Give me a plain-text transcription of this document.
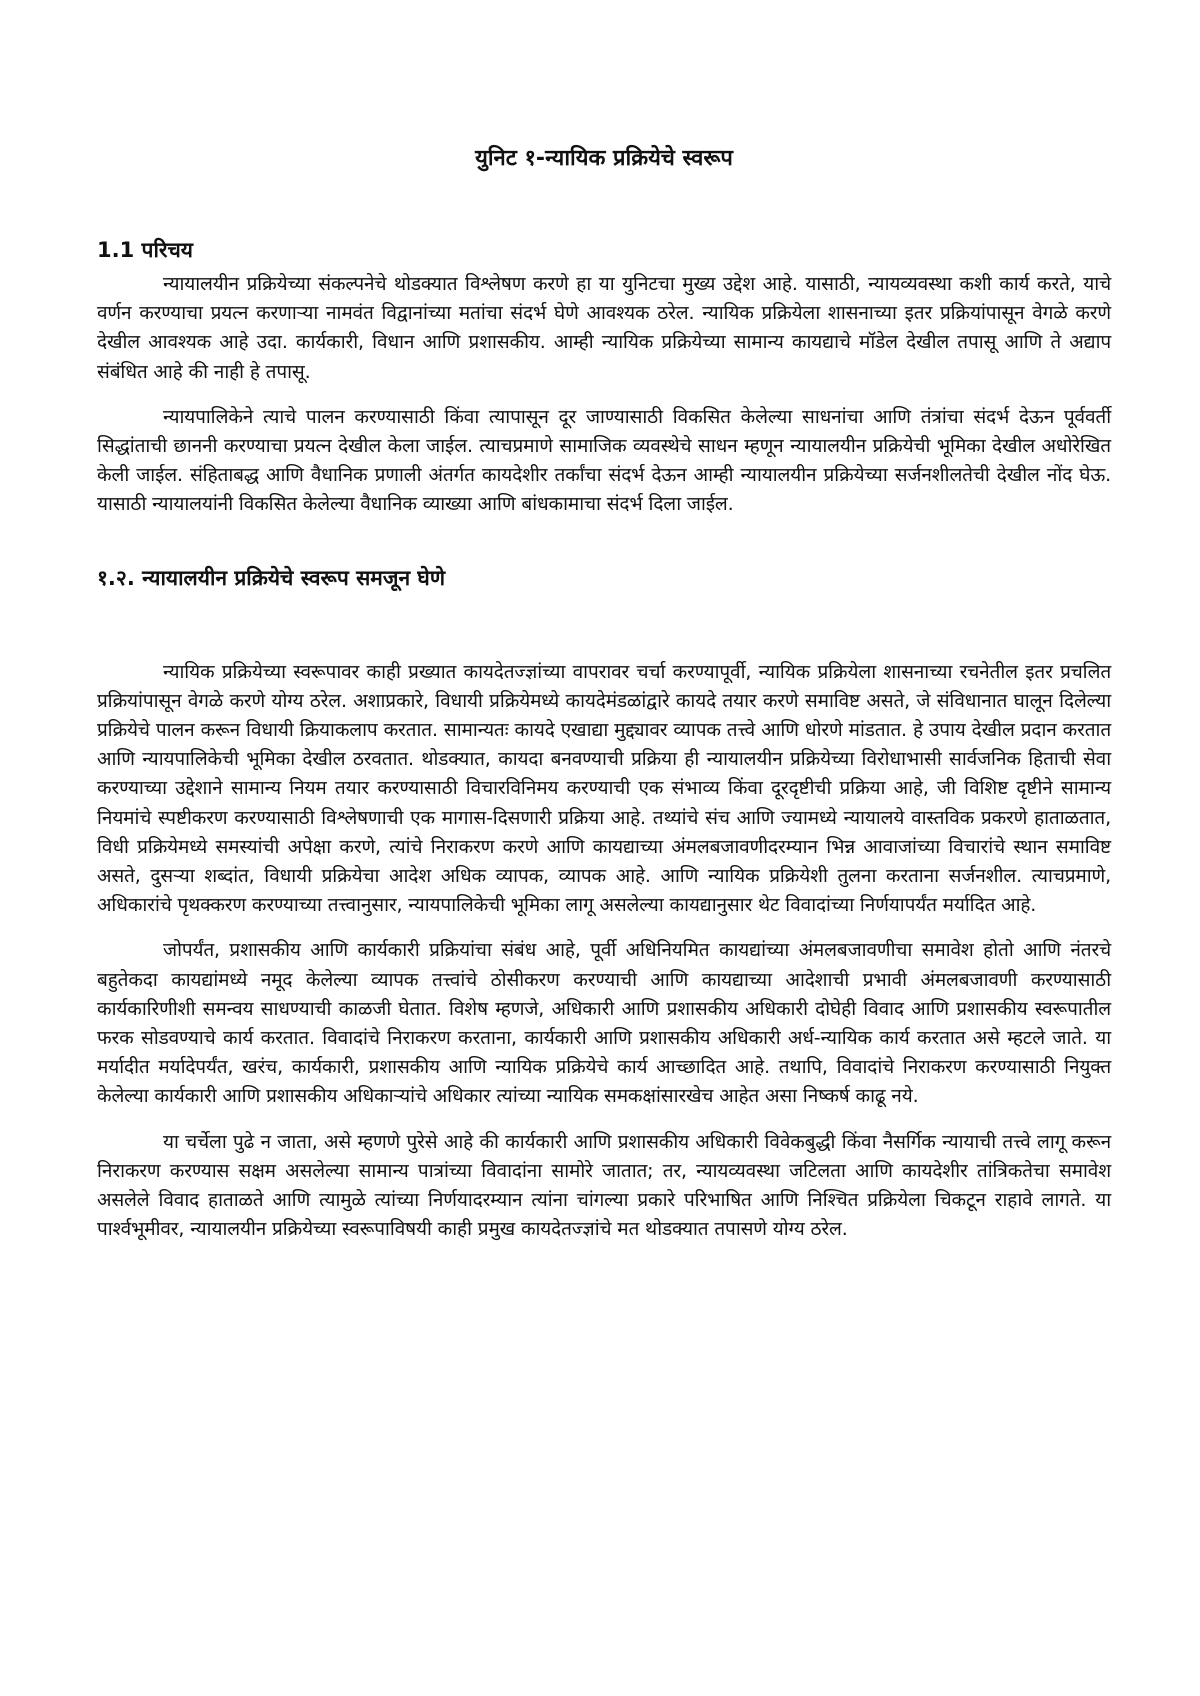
युनिट १-न्यायिक प्रक्रियेचे स्वरूप
1.1 परिचय

न्यायालयीन प्रक्रियेच्या संकल्पनेचे थोडक्यात विश्लेषण करणे हा या युनिटचा मुख्य उद्देश आहे. यासाठी, न्यायव्यवस्था कशी कार्य करते, याचे वर्णन करण्याचा प्रयत्न करणाऱ्या नामवंत विद्वानांच्या मतांचा संदर्भ घेणे आवश्यक ठरेल. न्यायिक प्रक्रियेला शासनाच्या इतर प्रक्रियांपासून वेगळे करणे देखील आवश्यक आहे उदा. कार्यकारी, विधान आणि प्रशासकीय. आम्ही न्यायिक प्रक्रियेच्या सामान्य कायद्याचे मॉडेल देखील तपासू आणि ते अद्याप संबंधित आहे की नाही हे तपासू.

न्यायपालिकेने त्याचे पालन करण्यासाठी किंवा त्यापासून दूर जाण्यासाठी विकसित केलेल्या साधनांचा आणि तंत्रांचा संदर्भ देऊन पूर्ववर्ती सिद्धांताची छाननी करण्याचा प्रयत्न देखील केला जाईल. त्याचप्रमाणे सामाजिक व्यवस्थेचे साधन म्हणून न्यायालयीन प्रक्रियेची भूमिका देखील अधोरेखित केली जाईल. संहिताबद्ध आणि वैधानिक प्रणाली अंतर्गत कायदेशीर तर्कांचा संदर्भ देऊन आम्ही न्यायालयीन प्रक्रियेच्या सर्जनशीलतेची देखील नोंद घेऊ. यासाठी न्यायालयांनी विकसित केलेल्या वैधानिक व्याख्या आणि बांधकामाचा संदर्भ दिला जाईल.

१.२. न्यायालयीन प्रक्रियेचे स्वरूप समजून घेणे

न्यायिक प्रक्रियेच्या स्वरूपावर काही प्रख्यात कायदेतज्ज्ञांच्या वापरावर चर्चा करण्यापूर्वी, न्यायिक प्रक्रियेला शासनाच्या रचनेतील इतर प्रचलित प्रक्रियांपासून वेगळे करणे योग्य ठरेल. अशाप्रकारे, विधायी प्रक्रियेमध्ये कायदेमंडळांद्वारे कायदे तयार करणे समाविष्ट असते, जे संविधानात घालून दिलेल्या प्रक्रियेचे पालन करून विधायी क्रियाकलाप करतात. सामान्यतः कायदे एखाद्या मुद्द्यावर व्यापक तत्त्वे आणि धोरणे मांडतात. हे उपाय देखील प्रदान करतात आणि न्यायपालिकेची भूमिका देखील ठरवतात. थोडक्यात, कायदा बनवण्याची प्रक्रिया ही न्यायालयीन प्रक्रियेच्या विरोधाभासी सार्वजनिक हिताची सेवा करण्याच्या उद्देशाने सामान्य नियम तयार करण्यासाठी विचारविनिमय करण्याची एक संभाव्य किंवा दूरदृष्टीची प्रक्रिया आहे, जी विशिष्ट दृष्टीने सामान्य नियमांचे स्पष्टीकरण करण्यासाठी विश्लेषणाची एक मागास-दिसणारी प्रक्रिया आहे. तथ्यांचे संच आणि ज्यामध्ये न्यायालये वास्तविक प्रकरणे हाताळतात, विधी प्रक्रियेमध्ये समस्यांची अपेक्षा करणे, त्यांचे निराकरण करणे आणि कायद्याच्या अंमलबजावणीदरम्यान भिन्न आवाजांच्या विचारांचे स्थान समाविष्ट असते, दुसऱ्या शब्दांत, विधायी प्रक्रियेचा आदेश अधिक व्यापक, व्यापक आहे. आणि न्यायिक प्रक्रियेशी तुलना करताना सर्जनशील. त्याचप्रमाणे, अधिकारांचे पृथक्करण करण्याच्या तत्त्वानुसार, न्यायपालिकेची भूमिका लागू असलेल्या कायद्यानुसार थेट विवादांच्या निर्णयापर्यंत मर्यादित आहे.

जोपर्यंत, प्रशासकीय आणि कार्यकारी प्रक्रियांचा संबंध आहे, पूर्वी अधिनियमित कायद्यांच्या अंमलबजावणीचा समावेश होतो आणि नंतरचे बहुतेकदा कायद्यांमध्ये नमूद केलेल्या व्यापक तत्त्वांचे ठोसीकरण करण्याची आणि कायद्याच्या आदेशाची प्रभावी अंमलबजावणी करण्यासाठी कार्यकारिणीशी समन्वय साधण्याची काळजी घेतात. विशेष म्हणजे, अधिकारी आणि प्रशासकीय अधिकारी दोघेही विवाद आणि प्रशासकीय स्वरूपातील फरक सोडवण्याचे कार्य करतात. विवादांचे निराकरण करताना, कार्यकारी आणि प्रशासकीय अधिकारी अर्ध-न्यायिक कार्य करतात असे म्हटले जाते. या मर्यादीत मर्यादेपर्यंत, खरंच, कार्यकारी, प्रशासकीय आणि न्यायिक प्रक्रियेचे कार्य आच्छादित आहे. तथापि, विवादांचे निराकरण करण्यासाठी नियुक्त केलेल्या कार्यकारी आणि प्रशासकीय अधिकाऱ्यांचे अधिकार त्यांच्या न्यायिक समकक्षांसारखेच आहेत असा निष्कर्ष काढू नये.

या चर्चेला पुढे न जाता, असे म्हणणे पुरेसे आहे की कार्यकारी आणि प्रशासकीय अधिकारी विवेकबुद्धी किंवा नैसर्गिक न्यायाची तत्त्वे लागू करून निराकरण करण्यास सक्षम असलेल्या सामान्य पात्रांच्या विवादांना सामोरे जातात; तर, न्यायव्यवस्था जटिलता आणि कायदेशीर तांत्रिकतेचा समावेश असलेले विवाद हाताळते आणि त्यामुळे त्यांच्या निर्णयादरम्यान त्यांना चांगल्या प्रकारे परिभाषित आणि निश्चित प्रक्रियेला चिकटून राहावे लागते. या पार्श्वभूमीवर, न्यायालयीन प्रक्रियेच्या स्वरूपाविषयी काही प्रमुख कायदेतज्ज्ञांचे मत थोडक्यात तपासणे योग्य ठरेल.
